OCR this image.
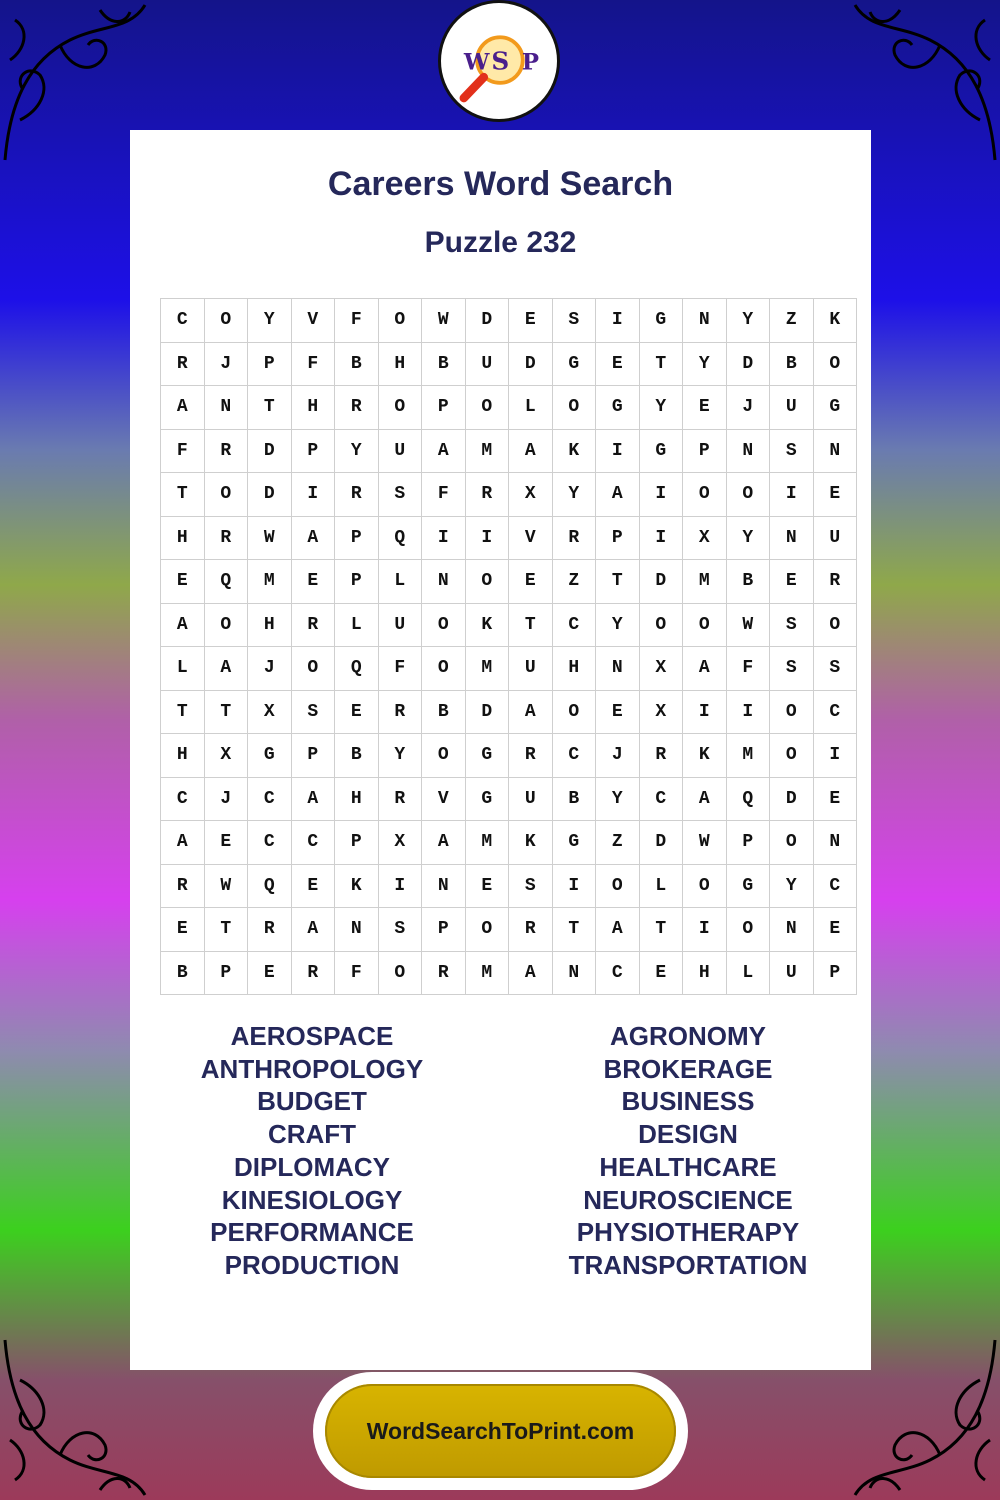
W S P
Careers Word Search
Puzzle 232
C	O	Y	V	F	O	W	D	E	S	I	G	N	Y	Z	K
R	J	P	F	B	H	B	U	D	G	E	T	Y	D	B	O
A	N	T	H	R	O	P	O	L	O	G	Y	E	J	U	G
F	R	D	P	Y	U	A	M	A	K	I	G	P	N	S	N
T	O	D	I	R	S	F	R	X	Y	A	I	O	O	I	E
H	R	W	A	P	Q	I	I	V	R	P	I	X	Y	N	U
E	Q	M	E	P	L	N	O	E	Z	T	D	M	B	E	R
A	O	H	R	L	U	O	K	T	C	Y	O	O	W	S	O
L	A	J	O	Q	F	O	M	U	H	N	X	A	F	S	S
T	T	X	S	E	R	B	D	A	O	E	X	I	I	O	C
H	X	G	P	B	Y	O	G	R	C	J	R	K	M	O	I
C	J	C	A	H	R	V	G	U	B	Y	C	A	Q	D	E
A	E	C	C	P	X	A	M	K	G	Z	D	W	P	O	N
R	W	Q	E	K	I	N	E	S	I	O	L	O	G	Y	C
E	T	R	A	N	S	P	O	R	T	A	T	I	O	N	E
B	P	E	R	F	O	R	M	A	N	C	E	H	L	U	P
AEROSPACE
ANTHROPOLOGY
BUDGET
CRAFT
DIPLOMACY
KINESIOLOGY
PERFORMANCE
PRODUCTION
AGRONOMY
BROKERAGE
BUSINESS
DESIGN
HEALTHCARE
NEUROSCIENCE
PHYSIOTHERAPY
TRANSPORTATION
WordSearchToPrint.com
